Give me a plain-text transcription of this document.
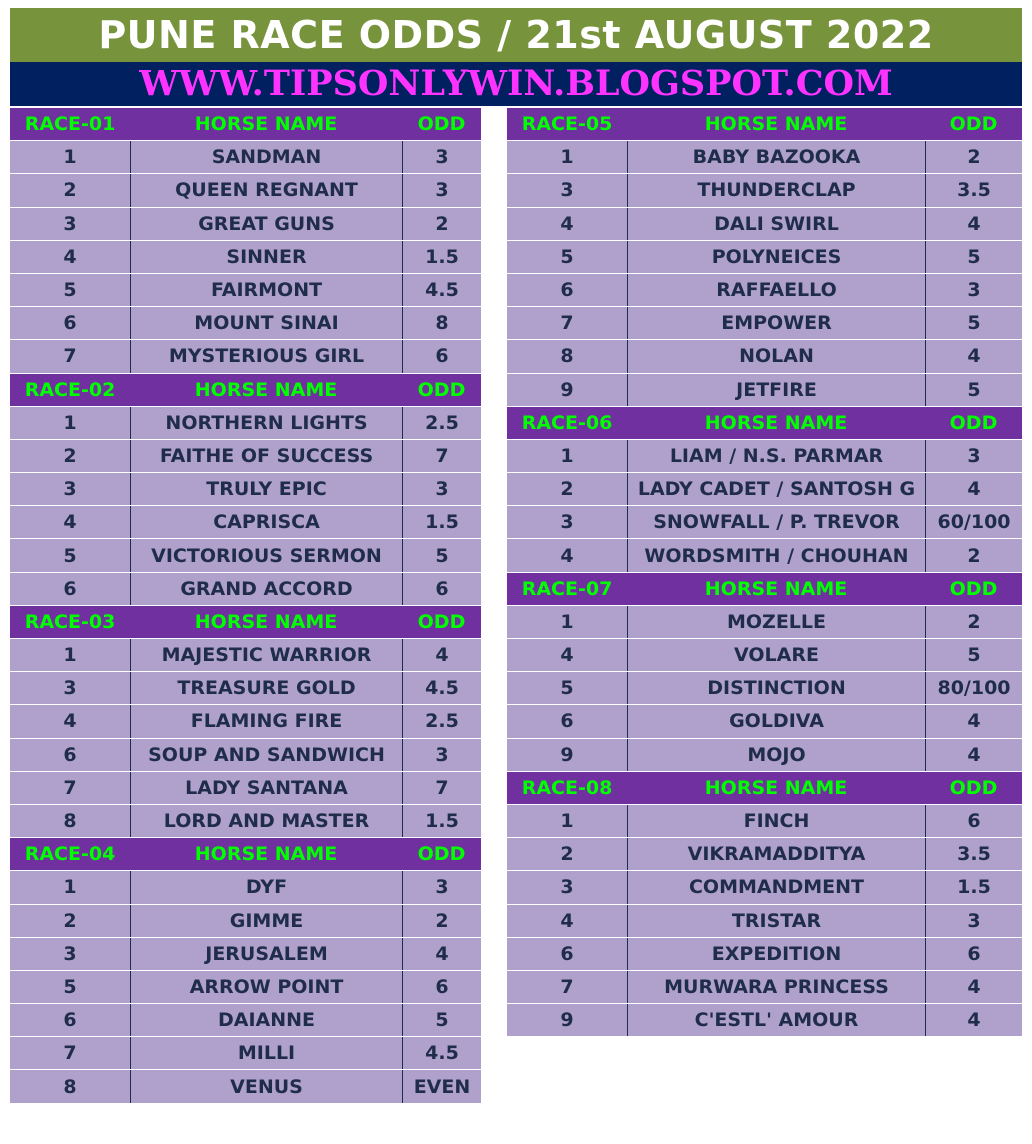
PUNE RACE ODDS / 21st AUGUST 2022
WWW.TIPSONLYWIN.BLOGSPOT.COM
RACE-01	HORSE NAME	ODD
1	SANDMAN	3
2	QUEEN REGNANT	3
3	GREAT GUNS	2
4	SINNER	1.5
5	FAIRMONT	4.5
6	MOUNT SINAI	8
7	MYSTERIOUS GIRL	6
RACE-02	HORSE NAME	ODD
1	NORTHERN LIGHTS	2.5
2	FAITHE OF SUCCESS	7
3	TRULY EPIC	3
4	CAPRISCA	1.5
5	VICTORIOUS SERMON	5
6	GRAND ACCORD	6
RACE-03	HORSE NAME	ODD
1	MAJESTIC WARRIOR	4
3	TREASURE GOLD	4.5
4	FLAMING FIRE	2.5
6	SOUP AND SANDWICH	3
7	LADY SANTANA	7
8	LORD AND MASTER	1.5
RACE-04	HORSE NAME	ODD
1	DYF	3
2	GIMME	2
3	JERUSALEM	4
5	ARROW POINT	6
6	DAIANNE	5
7	MILLI	4.5
8	VENUS	EVEN
RACE-05	HORSE NAME	ODD
1	BABY BAZOOKA	2
3	THUNDERCLAP	3.5
4	DALI SWIRL	4
5	POLYNEICES	5
6	RAFFAELLO	3
7	EMPOWER	5
8	NOLAN	4
9	JETFIRE	5
RACE-06	HORSE NAME	ODD
1	LIAM / N.S. PARMAR	3
2	LADY CADET / SANTOSH G	4
3	SNOWFALL / P. TREVOR	60/100
4	WORDSMITH / CHOUHAN	2
RACE-07	HORSE NAME	ODD
1	MOZELLE	2
4	VOLARE	5
5	DISTINCTION	80/100
6	GOLDIVA	4
9	MOJO	4
RACE-08	HORSE NAME	ODD
1	FINCH	6
2	VIKRAMADDITYA	3.5
3	COMMANDMENT	1.5
4	TRISTAR	3
6	EXPEDITION	6
7	MURWARA PRINCESS	4
9	C'ESTL' AMOUR	4
